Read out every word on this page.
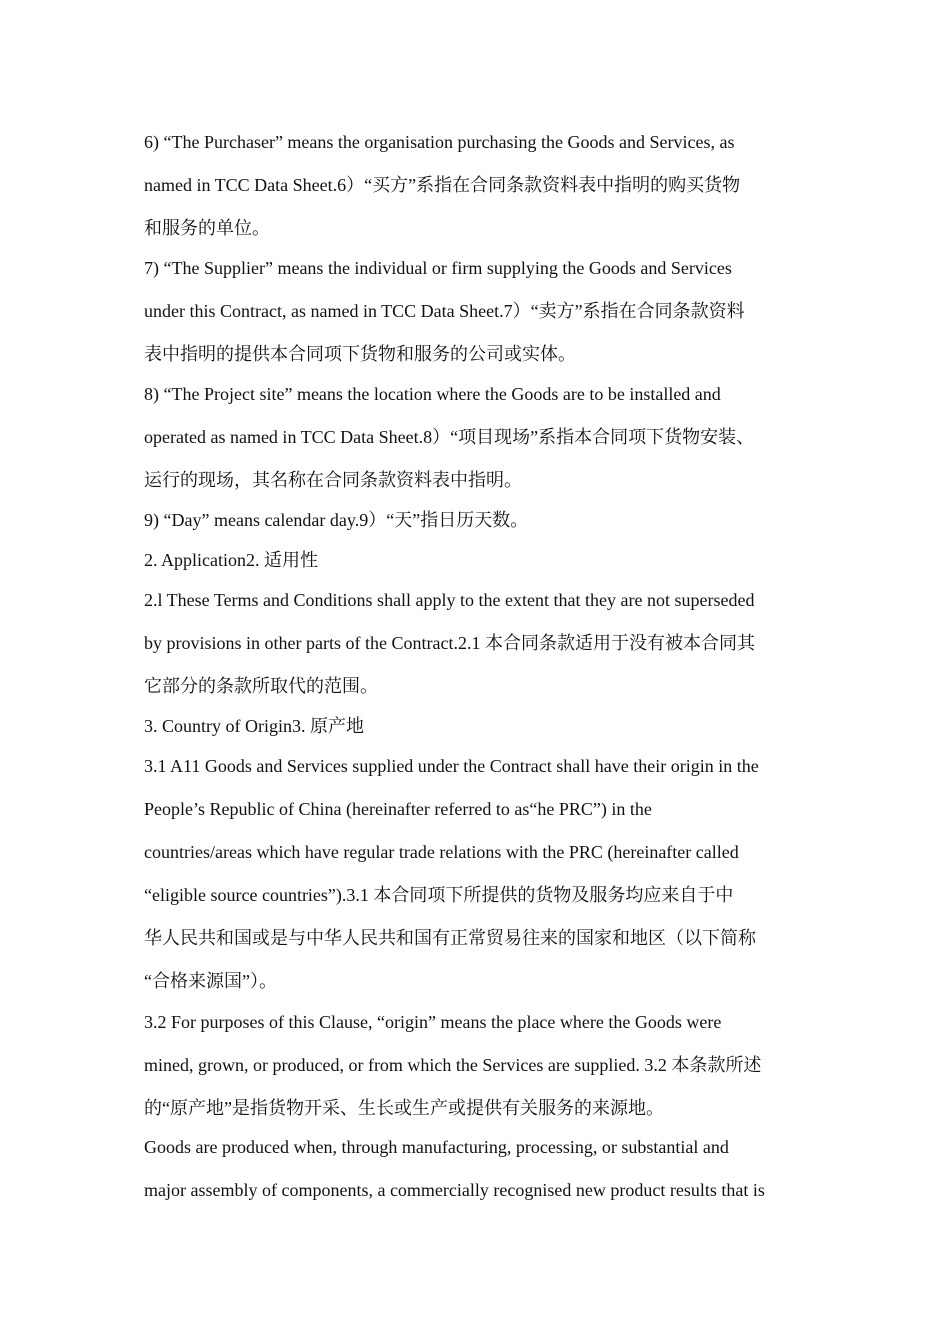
6) “The Purchaser” means the organisation purchasing the Goods and Services, as
named in TCC Data Sheet.6）“买方”系指在合同条款资料表中指明的购买货物
和服务的单位。
7) “The Supplier” means the individual or firm supplying the Goods and Services
under this Contract, as named in TCC Data Sheet.7）“卖方”系指在合同条款资料
表中指明的提供本合同项下货物和服务的公司或实体。
8) “The Project site” means the location where the Goods are to be installed and
operated as named in TCC Data Sheet.8）“项目现场”系指本合同项下货物安装、
运行的现场，其名称在合同条款资料表中指明。
9) “Day” means calendar day.9）“天”指日历天数。
2. Application2. 适用性
2.l These Terms and Conditions shall apply to the extent that they are not superseded
by provisions in other parts of the Contract.2.1 本合同条款适用于没有被本合同其
它部分的条款所取代的范围。
3. Country of Origin3. 原产地
3.1 A11 Goods and Services supplied under the Contract shall have their origin in the
People’s Republic of China (hereinafter referred to as“he PRC”) in the
countries/areas which have regular trade relations with the PRC (hereinafter called
“eligible source countries”).3.1 本合同项下所提供的货物及服务均应来自于中
华人民共和国或是与中华人民共和国有正常贸易往来的国家和地区（以下简称
“合格来源国”）。
3.2 For purposes of this Clause, “origin” means the place where the Goods were
mined, grown, or produced, or from which the Services are supplied. 3.2 本条款所述
的“原产地”是指货物开采、生长或生产或提供有关服务的来源地。
Goods are produced when, through manufacturing, processing, or substantial and
major assembly of components, a commercially recognised new product results that is
